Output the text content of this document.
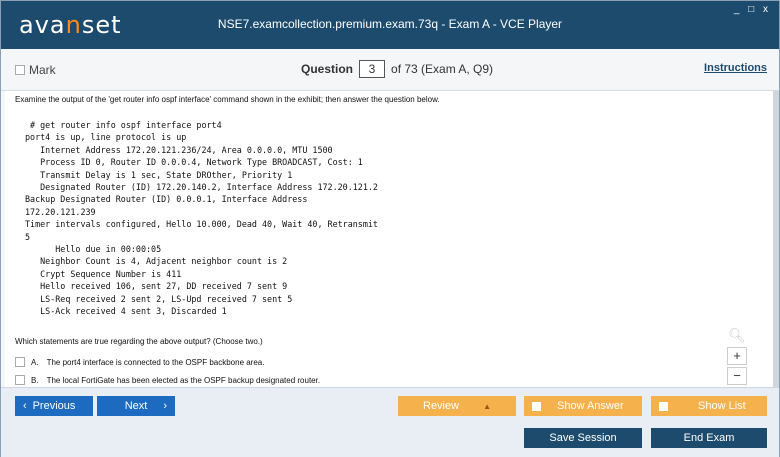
avanset	NSE7.examcollection.premium.exam.73q - Exam A - VCE Player
_ □ x
Mark	Question	3	of 73 (Exam A, Q9)	Instructions
Examine the output of the 'get router info ospf interface' command shown in the exhibit; then answer the question below.
# get router info ospf interface port4
port4 is up, line protocol is up
Internet Address 172.20.121.236/24, Area 0.0.0.0, MTU 1500
Process ID 0, Router ID 0.0.0.4, Network Type BROADCAST, Cost: 1
Transmit Delay is 1 sec, State DROther, Priority 1
Designated Router (ID) 172.20.140.2, Interface Address 172.20.121.2
Backup Designated Router (ID) 0.0.0.1, Interface Address
172.20.121.239
Timer intervals configured, Hello 10.000, Dead 40, Wait 40, Retransmit
5
Hello due in 00:00:05
Neighbor Count is 4, Adjacent neighbor count is 2
Crypt Sequence Number is 411
Hello received 106, sent 27, DD received 7 sent 9
LS-Req received 2 sent 2, LS-Upd received 7 sent 5
LS-Ack received 4 sent 3, Discarded 1
Which statements are true regarding the above output? (Choose two.)
A. The port4 interface is connected to the OSPF backbone area.
B. The local FortiGate has been elected as the OSPF backup designated router.
🔍︎
+
−
‹ Previous	Next ›	Review	▲	Show Answer	Show List
Save Session	End Exam
